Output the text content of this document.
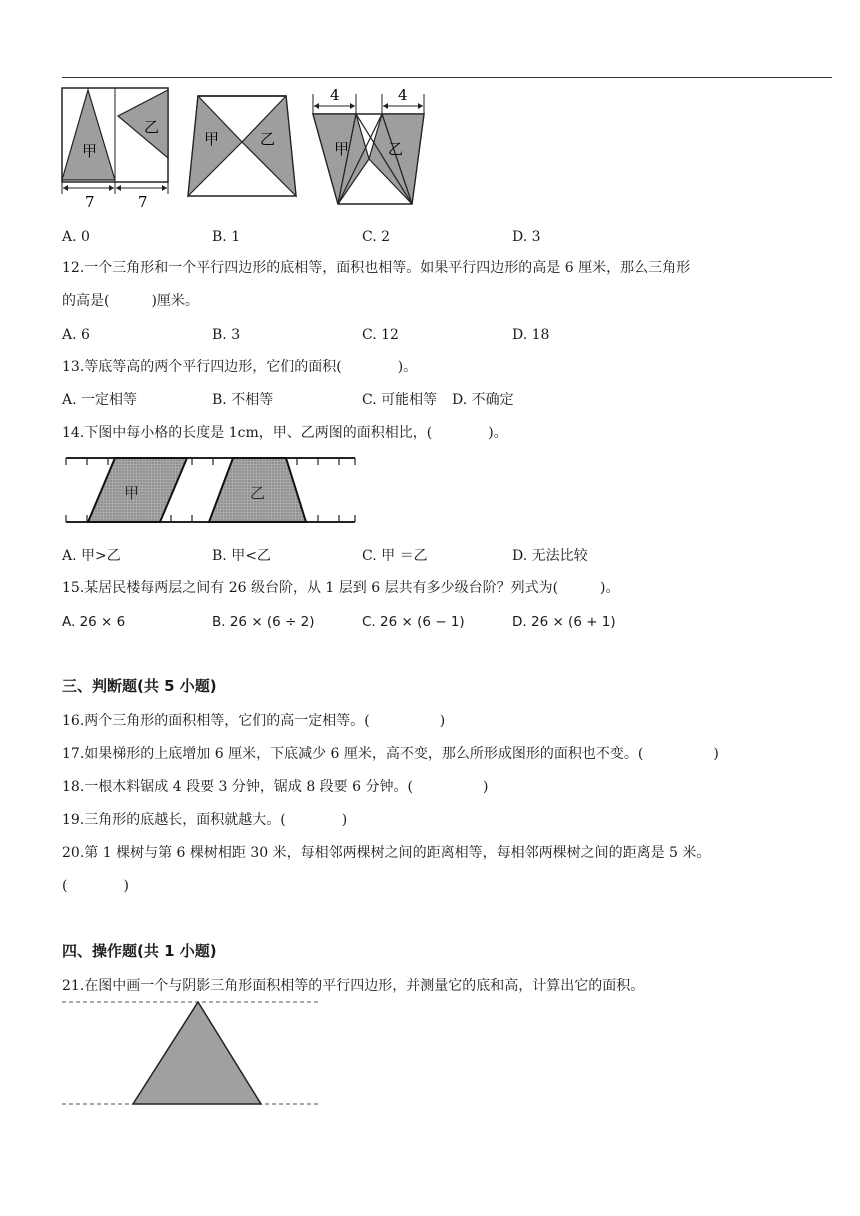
甲
乙
7	7
甲	乙
4	4
甲	乙
A. 0	B. 1	C. 2	D. 3
12.一个三角形和一个平行四边形的底相等，面积也相等。如果平行四边形的高是 6 厘米，那么三角形
的高是(　　　)厘米。
A. 6	B. 3	C. 12	D. 18
13.等底等高的两个平行四边形，它们的面积(　　　　)。
A. 一定相等	B. 不相等	C. 可能相等 D. 不确定
14.下图中每小格的长度是 1cm，甲、乙两图的面积相比，(　　　　)。
甲	乙
A. 甲>乙	B. 甲<乙	C. 甲 ＝乙	D. 无法比较
15.某居民楼每两层之间有 26 级台阶，从 1 层到 6 层共有多少级台阶？列式为(　　　)。
A. 26 × 6	B. 26 × (6 ÷ 2)	C. 26 × (6 − 1)	D. 26 × (6 + 1)
三、判断题(共 5 小题)
16.两个三角形的面积相等，它们的高一定相等。(　　　　　)
17.如果梯形的上底增加 6 厘米，下底减少 6 厘米，高不变，那么所形成图形的面积也不变。(　　　　　)
18.一根木料锯成 4 段要 3 分钟，锯成 8 段要 6 分钟。(　　　　　)
19.三角形的底越长，面积就越大。(　　　　)
20.第 1 棵树与第 6 棵树相距 30 米，每相邻两棵树之间的距离相等，每相邻两棵树之间的距离是 5 米。
(　　　　)
四、操作题(共 1 小题)
21.在图中画一个与阴影三角形面积相等的平行四边形，并测量它的底和高，计算出它的面积。
